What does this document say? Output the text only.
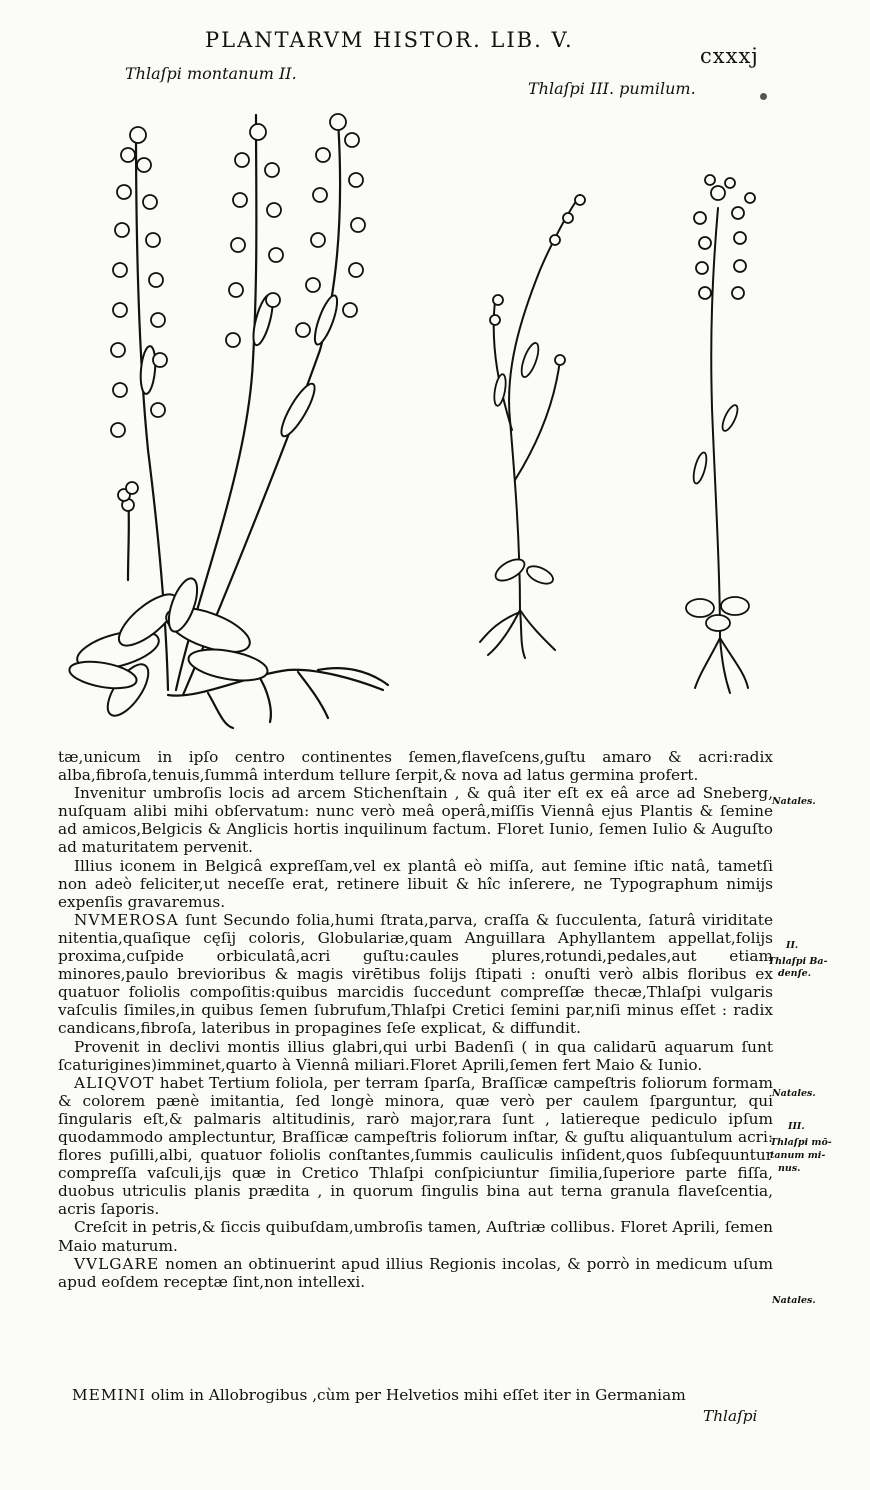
PLANTARVM HISTOR. LIB. V.
cxxxj
Thlaſpi montanum II.
Thlaſpi III. pumilum.

tæ,unicum in ipſo centro continentes ſemen,flaveſcens,guſtu amaro & acri:radix alba,fibroſa,tenuis,ſummâ interdum tellure ſerpit,& nova ad latus germina profert.

Invenitur umbroſis locis ad arcem Stichenſtain , & quâ iter eſt ex eâ arce ad Sneberg, nuſquam alibi mihi obſervatum: nunc verò meâ operâ,miſſis Viennâ ejus Plantis & ſemine ad amicos,Belgicis & Anglicis hortis inquilinum factum. Floret Iunio, ſemen Iulio & Auguſto ad maturitatem pervenit.

Illius iconem in Belgicâ expreſſam,vel ex plantâ eò miſſa, aut ſemine iſtic natâ, tametſi non adeò feliciter,ut neceſſe erat, retinere libuit & hîc inſerere, ne Typographum nimijs expenſis gravaremus.

NVMEROSA ſunt Secundo folia,humi ſtrata,parva, craſſa & ſucculenta, ſaturâ viriditate nitentia,quaſique cęſij coloris, Globulariæ,quam Anguillara Aphyllantem appellat,folijs proxima,cuſpide orbiculatâ,acri guſtu:caules plures,rotundi,pedales,aut etiam minores,paulo brevioribus & magis virētibus folijs ſtipati : onuſti verò albis floribus ex quatuor foliolis compoſitis:quibus marcidis ſuccedunt compreſſæ thecæ,Thlaſpi vulgaris vaſculis ſimiles,in quibus ſemen ſubrufum,Thlaſpi Cretici ſemini par,niſi minus eſſet : radix candicans,fibroſa, lateribus in propagines ſeſe explicat, & diffundit.

Provenit in declivi montis illius glabri,qui urbi Badenſi ( in qua calidarū aquarum ſunt ſcaturigines)imminet,quarto à Viennâ miliari.Floret Aprili,ſemen fert Maio & Iunio.

ALIQVOT habet Tertium foliola, per terram ſparſa, Braſſicæ campeſtris foliorum formam & colorem pænè imitantia, ſed longè minora, quæ verò per caulem ſparguntur, qui ſingularis eſt,& palmaris altitudinis, rarò major,rara ſunt , latiereque pediculo ipſum quodammodo amplectuntur, Braſſicæ campeſtris foliorum inſtar, & guſtu aliquantulum acri: flores puſilli,albi, quatuor foliolis conſtantes,ſummis cauliculis inſident,quos ſubſequuntur compreſſa vaſculi,ijs quæ in Cretico Thlaſpi conſpiciuntur ſimilia,ſuperiore parte fiſſa, duobus utriculis planis prædita , in quorum ſingulis bina aut terna granula flaveſcentia, acris ſaporis.

Creſcit in petris,& ſiccis quibuſdam,umbroſis tamen, Auſtriæ collibus. Floret Aprili, ſemen Maio maturum.

VVLGARE nomen an obtinuerint apud illius Regionis incolas, & porrò in medicum uſum apud eoſdem receptæ ſint,non intellexi.

MEMINI olim in Allobrogibus ,cùm per Helvetios mihi eſſet iter in Germaniam
Thlaſpi
Natales.
II.
Thlaſpi Ba-
denſe.
Natales.
III.
Thlaſpi mō-
tanum mi-
nus.
Natales.
